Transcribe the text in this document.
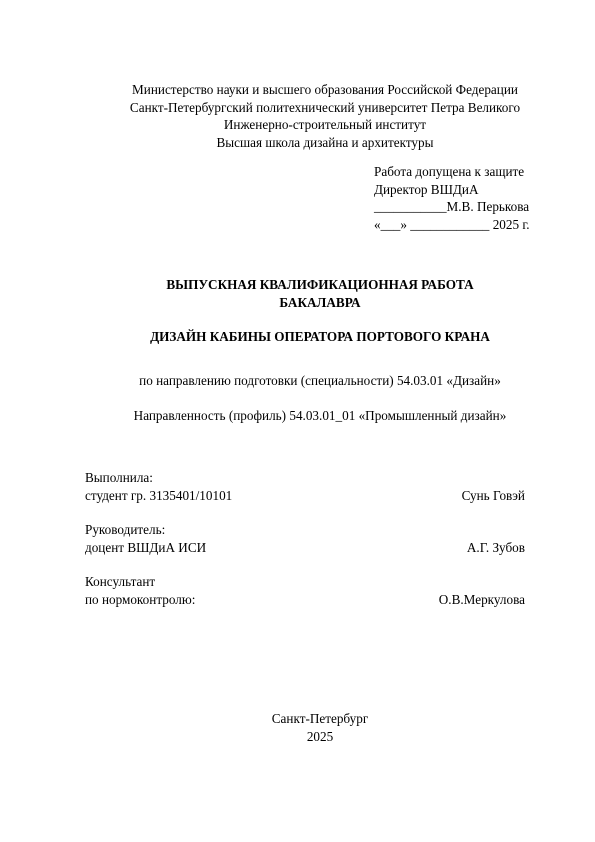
Министерство науки и высшего образования Российской Федерации
Санкт-Петербургский политехнический университет Петра Великого
Инженерно-строительный институт
Высшая школа дизайна и архитектуры
Работа допущена к защите
Директор ВШДиА
___________М.В. Перькова
«___» ____________ 2025 г.
ВЫПУСКНАЯ КВАЛИФИКАЦИОННАЯ РАБОТА
БАКАЛАВРА
ДИЗАЙН КАБИНЫ ОПЕРАТОРА ПОРТОВОГО КРАНА
по направлению подготовки (специальности) 54.03.01 «Дизайн»
Направленность (профиль) 54.03.01_01 «Промышленный дизайн»
Выполнила:
студент гр. 3135401/10101	Сунь Говэй
Руководитель:
доцент ВШДиА ИСИ	А.Г. Зубов
Консультант
по нормоконтролю:	О.В.Меркулова
Санкт-Петербург
2025
